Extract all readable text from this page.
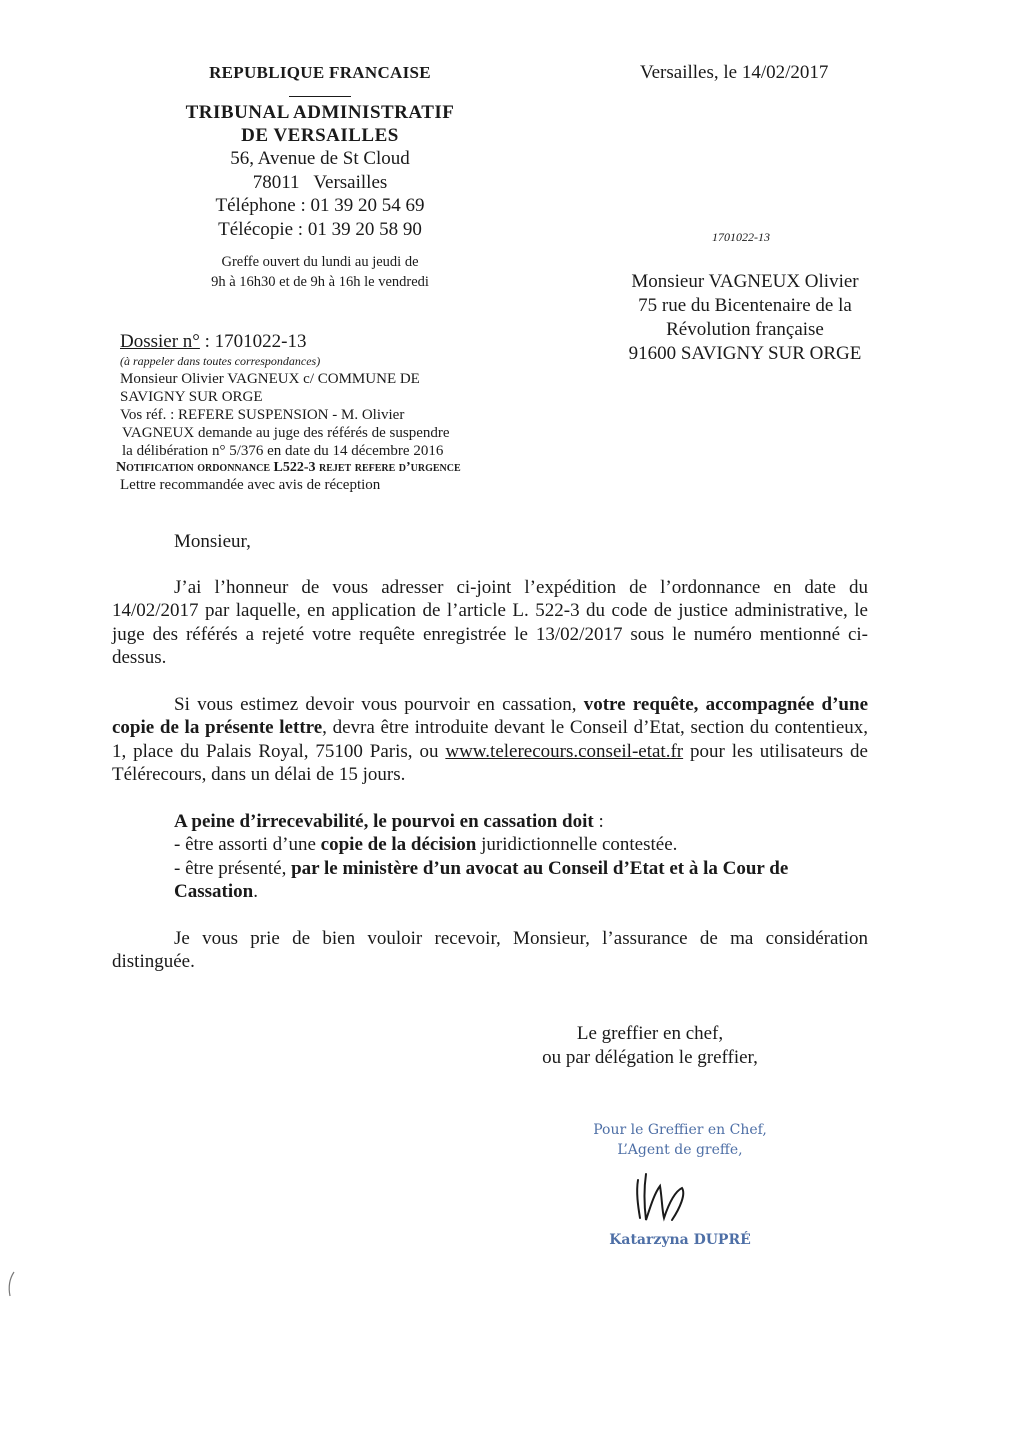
REPUBLIQUE FRANCAISE
TRIBUNAL ADMINISTRATIF
DE VERSAILLES
56, Avenue de St Cloud
78011   Versailles
Téléphone : 01 39 20 54 69
Télécopie : 01 39 20 58 90
Greffe ouvert du lundi au jeudi de
9h à 16h30 et de 9h à 16h le vendredi
Versailles, le 14/02/2017
1701022-13
Monsieur VAGNEUX Olivier
75 rue du Bicentenaire de la
Révolution française
91600 SAVIGNY SUR ORGE
Dossier n° : 1701022-13
(à rappeler dans toutes correspondances)
Monsieur Olivier VAGNEUX c/ COMMUNE DE
SAVIGNY SUR ORGE
Vos réf. : REFERE SUSPENSION - M. Olivier
VAGNEUX demande au juge des référés de suspendre
la délibération n° 5/376 en date du 14 décembre 2016
Notification ordonnance L522-3 rejet refere d’urgence
Lettre recommandée avec avis de réception
Monsieur,
J’ai l’honneur de vous adresser ci-joint l’expédition de l’ordonnance en date du 14/02/2017 par laquelle, en application de l’article L. 522-3 du code de justice administrative, le juge des référés a rejeté votre requête enregistrée le 13/02/2017 sous le numéro mentionné ci-dessus.
Si vous estimez devoir vous pourvoir en cassation, votre requête, accompagnée d’une copie de la présente lettre, devra être introduite devant le Conseil d’Etat, section du contentieux, 1, place du Palais Royal, 75100 Paris, ou www.telerecours.conseil-etat.fr pour les utilisateurs de Télérecours, dans un délai de 15 jours.
A peine d’irrecevabilité, le pourvoi en cassation doit :
- être assorti d’une copie de la décision juridictionnelle contestée.
- être présenté, par le ministère d’un avocat au Conseil d’Etat et à la Cour de Cassation.
Je vous prie de bien vouloir recevoir, Monsieur, l’assurance de ma considération distinguée.
Le greffier en chef,
ou par délégation le greffier,
Pour le Greffier en Chef,
L’Agent de greffe,
Katarzyna DUPRÉ
